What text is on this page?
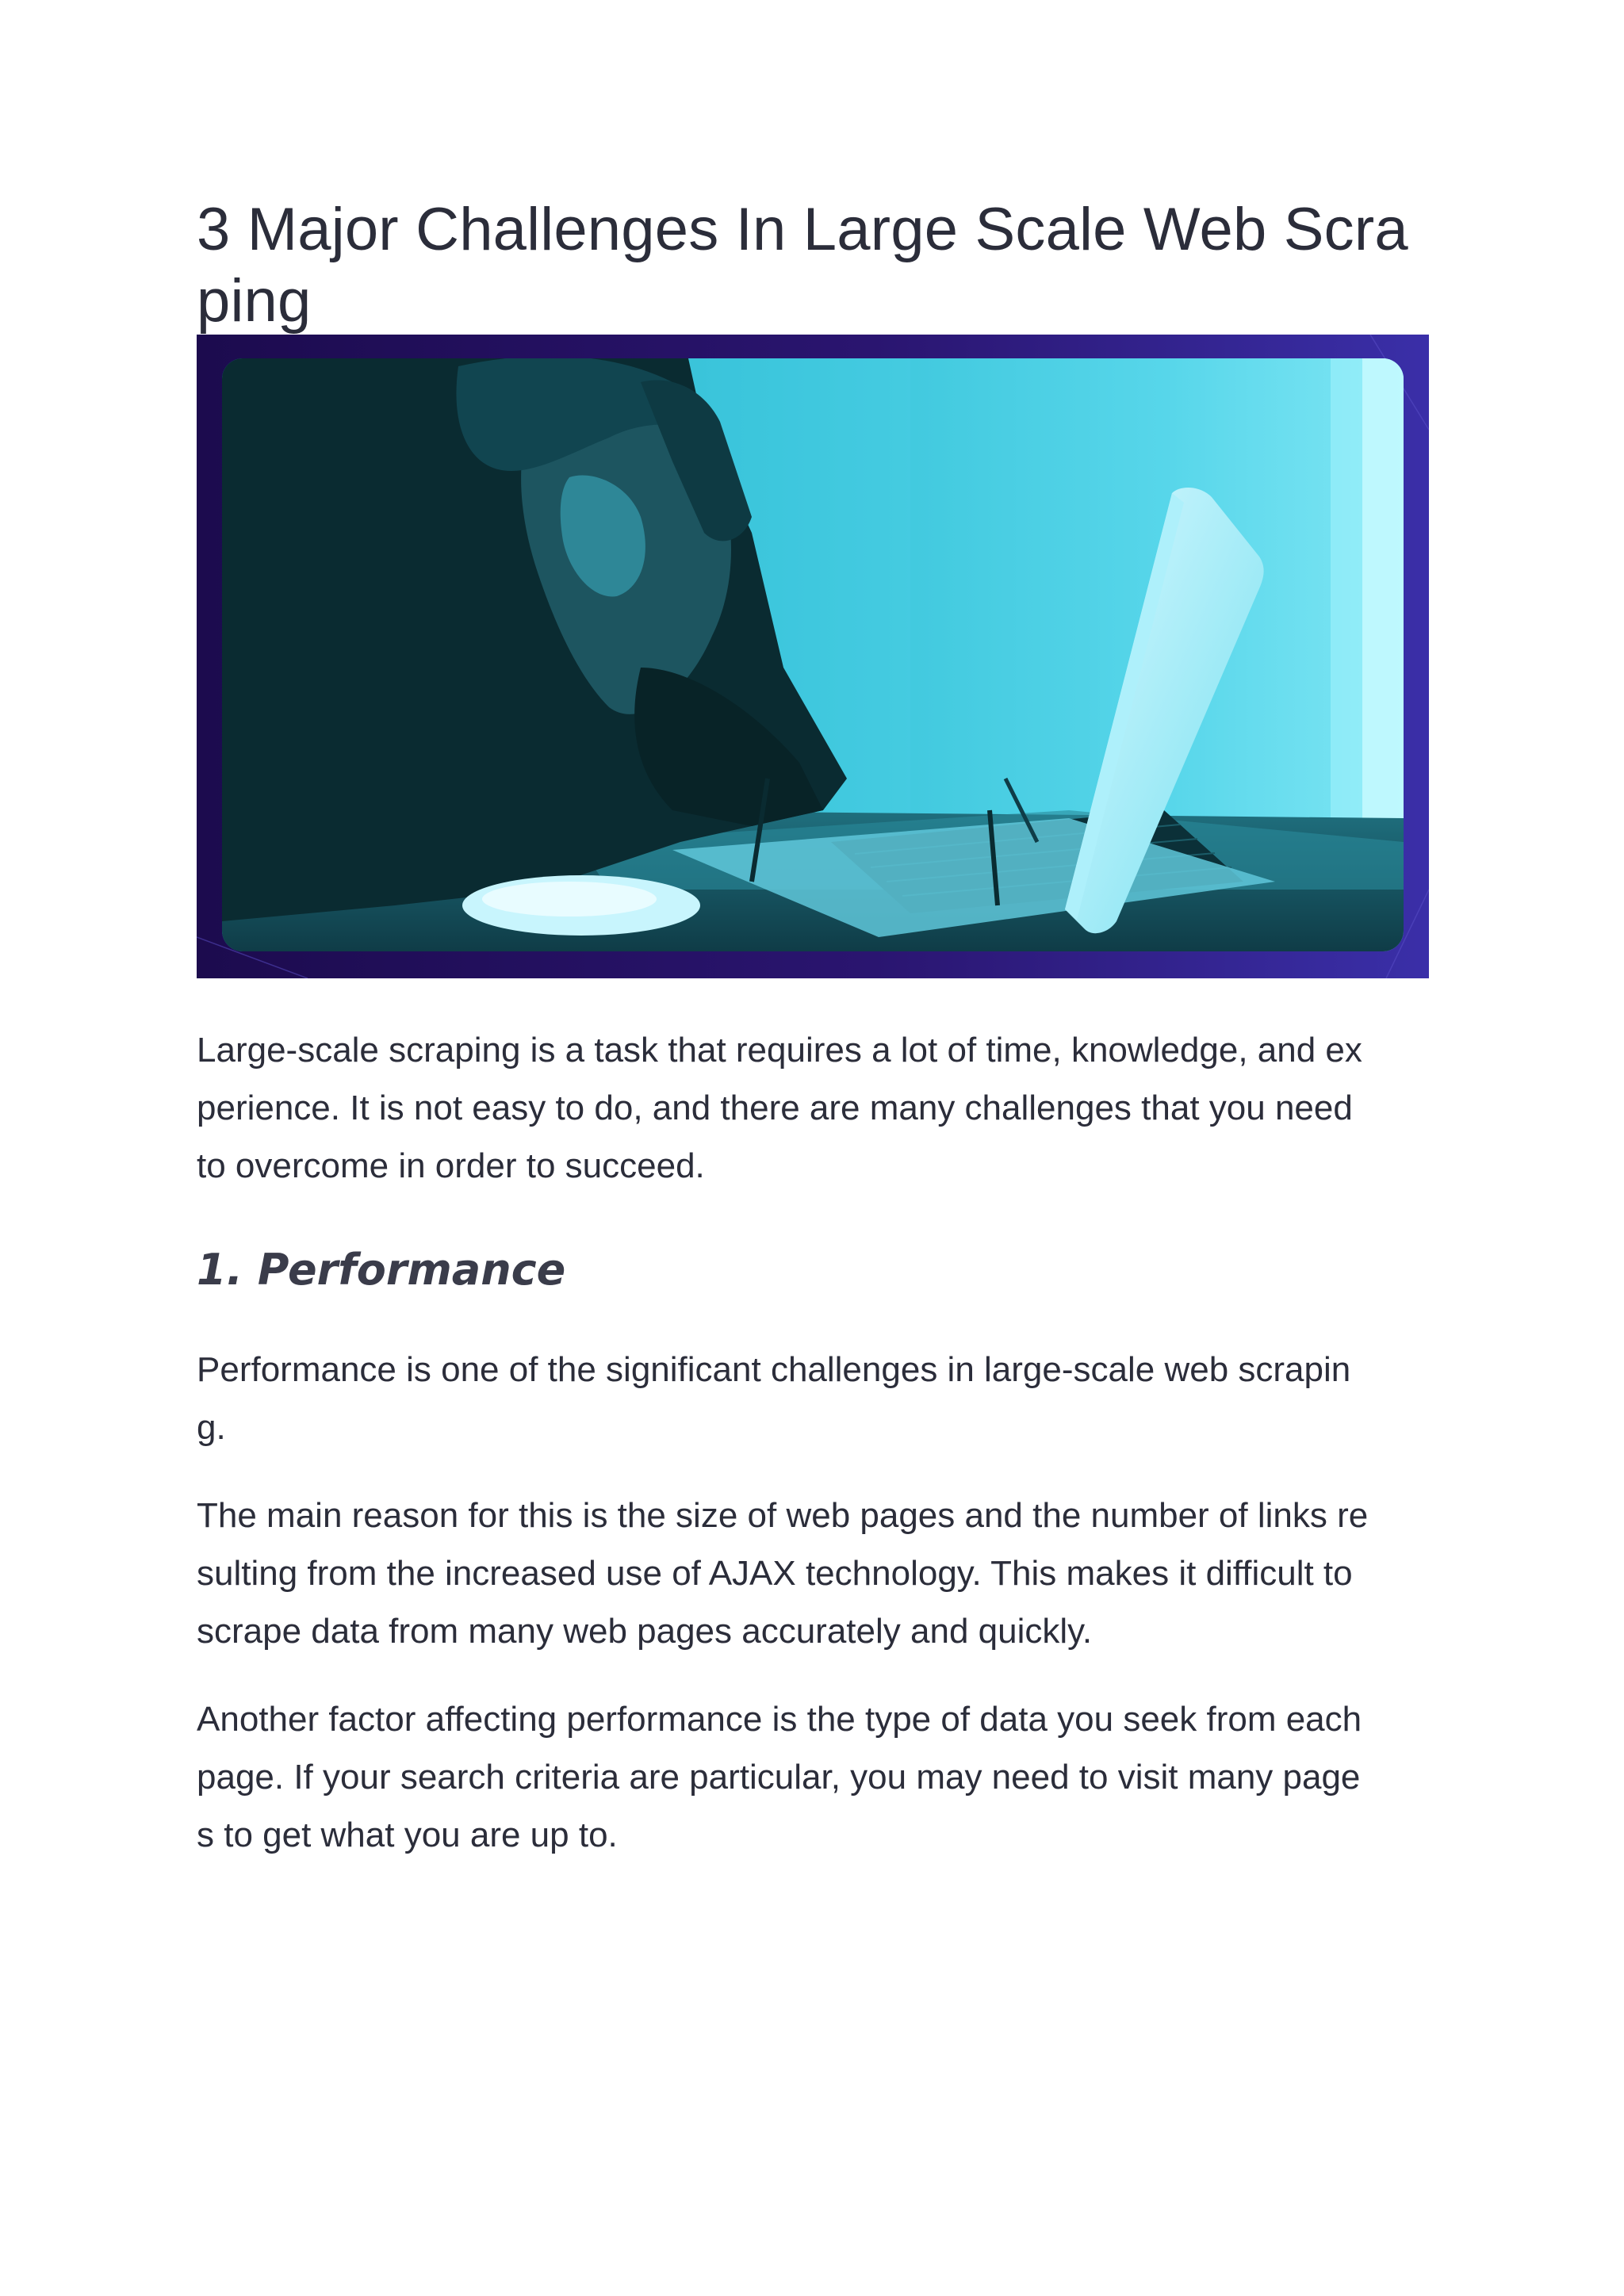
3 Major Challenges In Large Scale Web Scra
ping

Large-scale scraping is a task that requires a lot of time, knowledge, and ex
perience. It is not easy to do, and there are many challenges that you need
to overcome in order to succeed.

1. Performance

Performance is one of the significant challenges in large-scale web scrapin
g.

The main reason for this is the size of web pages and the number of links re
sulting from the increased use of AJAX technology. This makes it difficult to
scrape data from many web pages accurately and quickly.

Another factor affecting performance is the type of data you seek from each
page. If your search criteria are particular, you may need to visit many page
s to get what you are up to.
